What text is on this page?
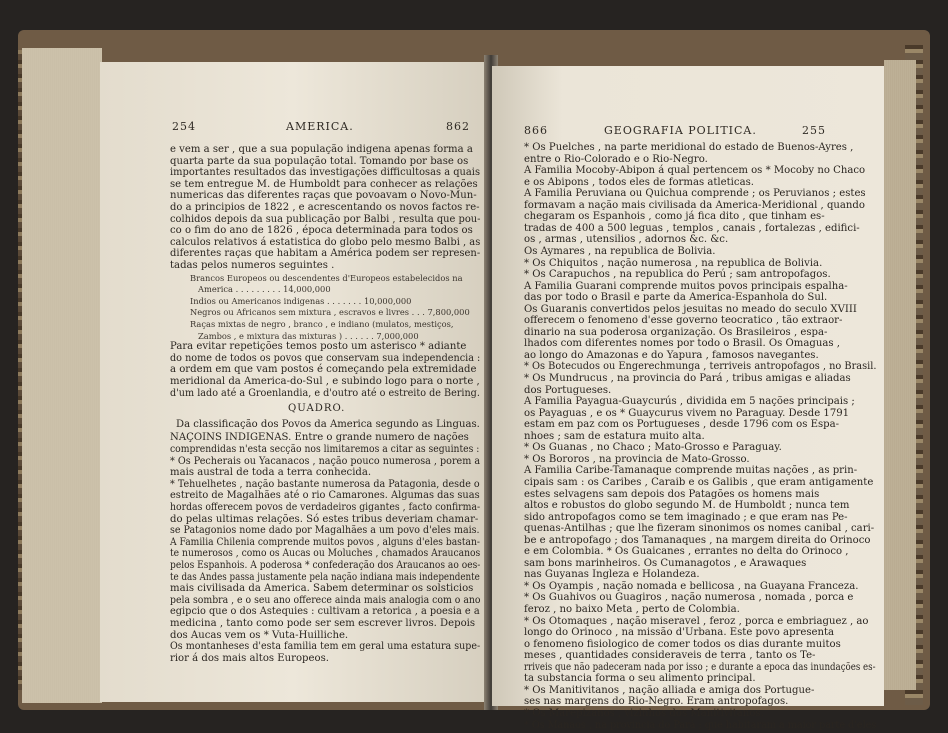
254	AMERICA.	862
e vem a ser , que a sua população indigena apenas forma a
quarta parte da sua população total. Tomando por base os
importantes resultados das investigações difficultosas a quais
se tem entregue M. de Humboldt para conhecer as relações
numericas das diferentes raças que povoavam o Novo-Mun-
do a principios de 1822 , e acrescentando os novos factos re-
colhidos depois da sua publicação por Balbi , resulta que pou-
co o fim do ano de 1826 , época determinada para todos os
calculos relativos á estatistica do globo pelo mesmo Balbi , as
diferentes raças que habitam a América podem ser represen-
tadas pelos numeros seguintes .
Brancos Europeos ou descendentes d'Europeos estabelecidos na
America . . . . . . . . . 14,000,000
Indios ou Americanos indigenas . . . . . . . 10,000,000
Negros ou Africanos sem mixtura , escravos e livres . . . 7,800,000
Raças mixtas de negro , branco , e indiano (mulatos, mestiços,
Zambos , e mixtura das mixturas ) . . . . . . 7,000,000
Para evitar repetições temos posto um asterisco * adiante
do nome de todos os povos que conservam sua independencia :
a ordem em que vam postos é começando pela extremidade
meridional da America-do-Sul , e subindo logo para o norte ,
d'um lado até a Groenlandia, e d'outro até o estreito de Bering.
QUADRO.
Da classificação dos Povos da America segundo as Linguas.
NAÇOINS INDIGENAS. Entre o grande numero de nações
comprendidas n'esta secção nos limitaremos a citar as seguintes :
* Os Pecherais ou Yacanacos , nação pouco numerosa , porem a
mais austral de toda a terra conhecida.
* Tehuelhetes , nação bastante numerosa da Patagonia, desde o
estreito de Magalhães até o rio Camarones. Algumas das suas
hordas offerecem povos de verdadeiros gigantes , facto confirma-
do pelas ultimas relações. Só estes tribus deveriam chamar-
se Patagonios nome dado por Magalhães a um povo d'eles mais.
A Familia Chilenia comprende muitos povos , alguns d'eles bastan-
te numerosos , como os Aucas ou Moluches , chamados Araucanos
pelos Espanhois. A poderosa * confederação dos Araucanos ao oes-
te das Andes passa justamente pela nação indiana mais independente
mais civilisada da America. Sabem determinar os solsticios
pela sombra , e o seu ano offerece ainda mais analogia com o ano
egipcio que o dos Astequies : cultivam a retorica , a poesia e a
medicina , tanto como pode ser sem escrever livros. Depois
dos Aucas vem os * Vuta-Huilliche.
Os montanheses d'esta familia tem em geral uma estatura supe-
rior á dos mais altos Europeos.
866	GEOGRAFIA POLITICA.	255
* Os Puelches , na parte meridional do estado de Buenos-Ayres ,
entre o Rio-Colorado e o Rio-Negro.
A Familia Mocoby-Abipon á qual pertencem os * Mocoby no Chaco
e os Abipons , todos eles de formas atleticas.
A Familia Peruviana ou Quichua comprende ; os Peruvianos ; estes
formavam a nação mais civilisada da America-Meridional , quando
chegaram os Espanhois , como já fica dito , que tinham es-
tradas de 400 a 500 leguas , templos , canais , fortalezas , edifici-
os , armas , utensilios , adornos &c. &c.
Os Aymares , na republica de Bolivia.
* Os Chiquitos , nação numerosa , na republica de Bolivia.
* Os Carapuchos , na republica do Perú ; sam antropofagos.
A Familia Guarani comprende muitos povos principais espalha-
das por todo o Brasil e parte da America-Espanhola do Sul.
Os Guaranis convertidos pelos jesuitas no meado do seculo XVIII
offerecem o fenomeno d'esse governo teocratico , tão extraor-
dinario na sua poderosa organização. Os Brasileiros , espa-
lhados com diferentes nomes por todo o Brasil. Os Omaguas ,
ao longo do Amazonas e do Yapura , famosos navegantes.
* Os Botecudos ou Engerechmunga , terriveis antropofagos , no Brasil.
* Os Mundrucus , na provincia do Pará , tribus amigas e aliadas
dos Portugueses.
A Familia Payagua-Guaycurús , dividida em 5 nações principais ;
os Payaguas , e os * Guaycurus vivem no Paraguay. Desde 1791
estam em paz com os Portugueses , desde 1796 com os Espa-
nhoes ; sam de estatura muito alta.
* Os Guanas , no Chaco ; Mato-Grosso e Paraguay.
* Os Bororos , na provincia de Mato-Grosso.
A Familia Caribe-Tamanaque comprende muitas nações , as prin-
cipais sam : os Caribes , Caraib e os Galibis , que eram antigamente
estes selvagens sam depois dos Patagões os homens mais
altos e robustos do globo segundo M. de Humboldt ; nunca tem
sido antropofagos como se tem imaginado ; e que eram nas Pe-
quenas-Antilhas ; que lhe fizeram sinonimos os nomes canibal , cari-
be e antropofago ; dos Tamanaques , na margem direita do Orinoco
e em Colombia. * Os Guaicanes , errantes no delta do Orinoco ,
sam bons marinheiros. Os Cumanagotos , e Arawaques
nas Guyanas Ingleza e Holandeza.
* Os Oyampis , nação nomada e bellicosa , na Guayana Franceza.
* Os Guahivos ou Guagiros , nação numerosa , nomada , porca e
feroz , no baixo Meta , perto de Colombia.
* Os Otomaques , nação miseravel , feroz , porca e embriaguez , ao
longo do Orinoco , na missão d'Urbana. Este povo apresenta
o fenomeno fisiologico de comer todos os dias durante muitos
meses , quantidades consideraveis de terra , tanto os Te-
rriveis que não padeceram nada por isso ; e durante a epoca das inundações es-
ta substancia forma o seu alimento principal.
* Os Manitivitanos , nação alliada e amiga dos Portugue-
ses nas margens do Rio-Negro. Eram antropofagos.
* Os Marepizanos , vizinhos dos Manitivitanos.
* Os Manaos , na provincia do Pará ; que habitaram a maior parte d'eles
